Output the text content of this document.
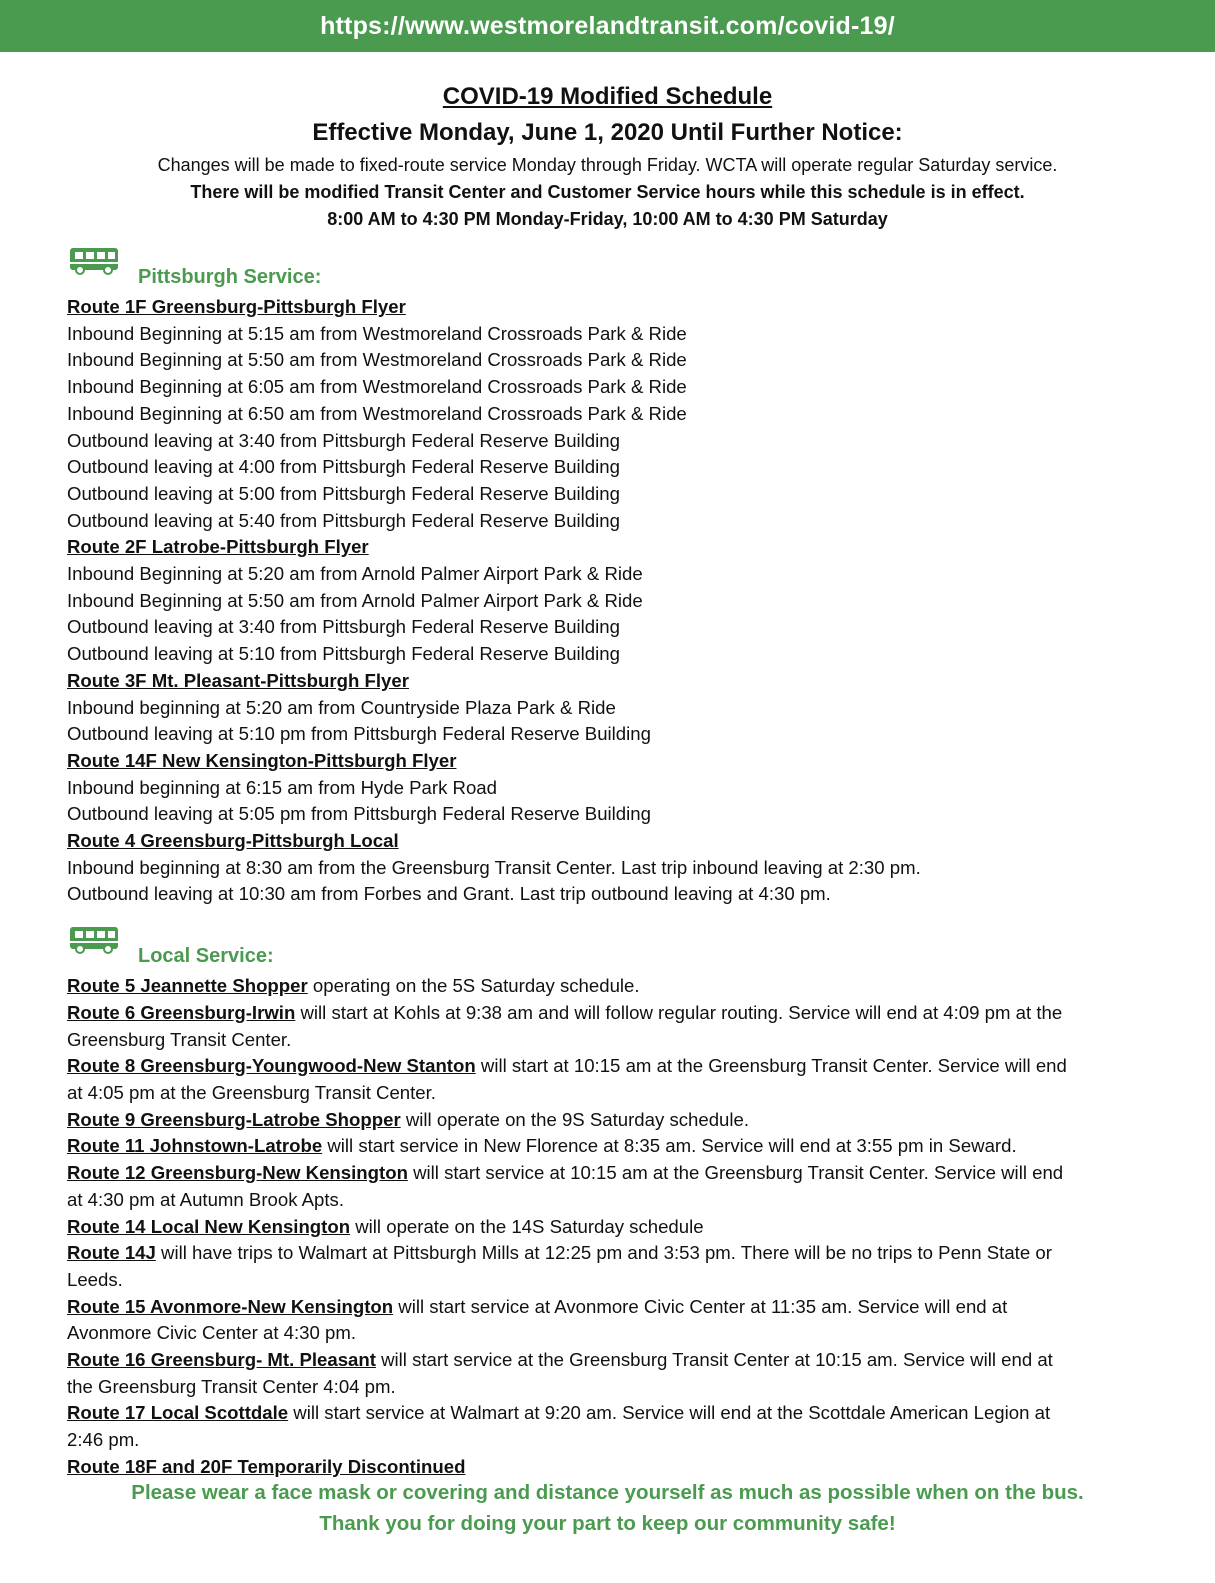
https://www.westmorelandtransit.com/covid-19/
COVID-19 Modified Schedule
Effective Monday, June 1, 2020 Until Further Notice:
Changes will be made to fixed-route service Monday through Friday. WCTA will operate regular Saturday service.
There will be modified Transit Center and Customer Service hours while this schedule is in effect.
8:00 AM to 4:30 PM Monday-Friday, 10:00 AM to 4:30 PM Saturday
Pittsburgh Service:
Route 1F Greensburg-Pittsburgh Flyer
Inbound Beginning at 5:15 am from Westmoreland Crossroads Park & Ride
Inbound Beginning at 5:50 am from Westmoreland Crossroads Park & Ride
Inbound Beginning at 6:05 am from Westmoreland Crossroads Park & Ride
Inbound Beginning at 6:50 am from Westmoreland Crossroads Park & Ride
Outbound leaving at 3:40 from Pittsburgh Federal Reserve Building
Outbound leaving at 4:00 from Pittsburgh Federal Reserve Building
Outbound leaving at 5:00 from Pittsburgh Federal Reserve Building
Outbound leaving at 5:40 from Pittsburgh Federal Reserve Building
Route 2F Latrobe-Pittsburgh Flyer
Inbound Beginning at 5:20 am from Arnold Palmer Airport Park & Ride
Inbound Beginning at 5:50 am from Arnold Palmer Airport Park & Ride
Outbound leaving at 3:40 from Pittsburgh Federal Reserve Building
Outbound leaving at 5:10 from Pittsburgh Federal Reserve Building
Route 3F Mt. Pleasant-Pittsburgh Flyer
Inbound beginning at 5:20 am from Countryside Plaza Park & Ride
Outbound leaving at 5:10 pm from Pittsburgh Federal Reserve Building
Route 14F New Kensington-Pittsburgh Flyer
Inbound beginning at 6:15 am from Hyde Park Road
Outbound leaving at 5:05 pm from Pittsburgh Federal Reserve Building
Route 4 Greensburg-Pittsburgh Local
Inbound beginning at 8:30 am from the Greensburg Transit Center. Last trip inbound leaving at 2:30 pm.
Outbound leaving at 10:30 am from Forbes and Grant. Last trip outbound leaving at 4:30 pm.
Local Service:
Route 5 Jeannette Shopper operating on the 5S Saturday schedule.
Route 6 Greensburg-Irwin will start at Kohls at 9:38 am and will follow regular routing. Service will end at 4:09 pm at the
Greensburg Transit Center.
Route 8 Greensburg-Youngwood-New Stanton will start at 10:15 am at the Greensburg Transit Center. Service will end
at 4:05 pm at the Greensburg Transit Center.
Route 9 Greensburg-Latrobe Shopper will operate on the 9S Saturday schedule.
Route 11 Johnstown-Latrobe will start service in New Florence at 8:35 am. Service will end at 3:55 pm in Seward.
Route 12 Greensburg-New Kensington will start service at 10:15 am at the Greensburg Transit Center. Service will end
at 4:30 pm at Autumn Brook Apts.
Route 14 Local New Kensington will operate on the 14S Saturday schedule
Route 14J will have trips to Walmart at Pittsburgh Mills at 12:25 pm and 3:53 pm. There will be no trips to Penn State or
Leeds.
Route 15 Avonmore-New Kensington will start service at Avonmore Civic Center at 11:35 am. Service will end at
Avonmore Civic Center at 4:30 pm.
Route 16 Greensburg- Mt. Pleasant will start service at the Greensburg Transit Center at 10:15 am. Service will end at
the Greensburg Transit Center 4:04 pm.
Route 17 Local Scottdale will start service at Walmart at 9:20 am. Service will end at the Scottdale American Legion at
2:46 pm.
Route 18F and 20F Temporarily Discontinued
Please wear a face mask or covering and distance yourself as much as possible when on the bus.
Thank you for doing your part to keep our community safe!
